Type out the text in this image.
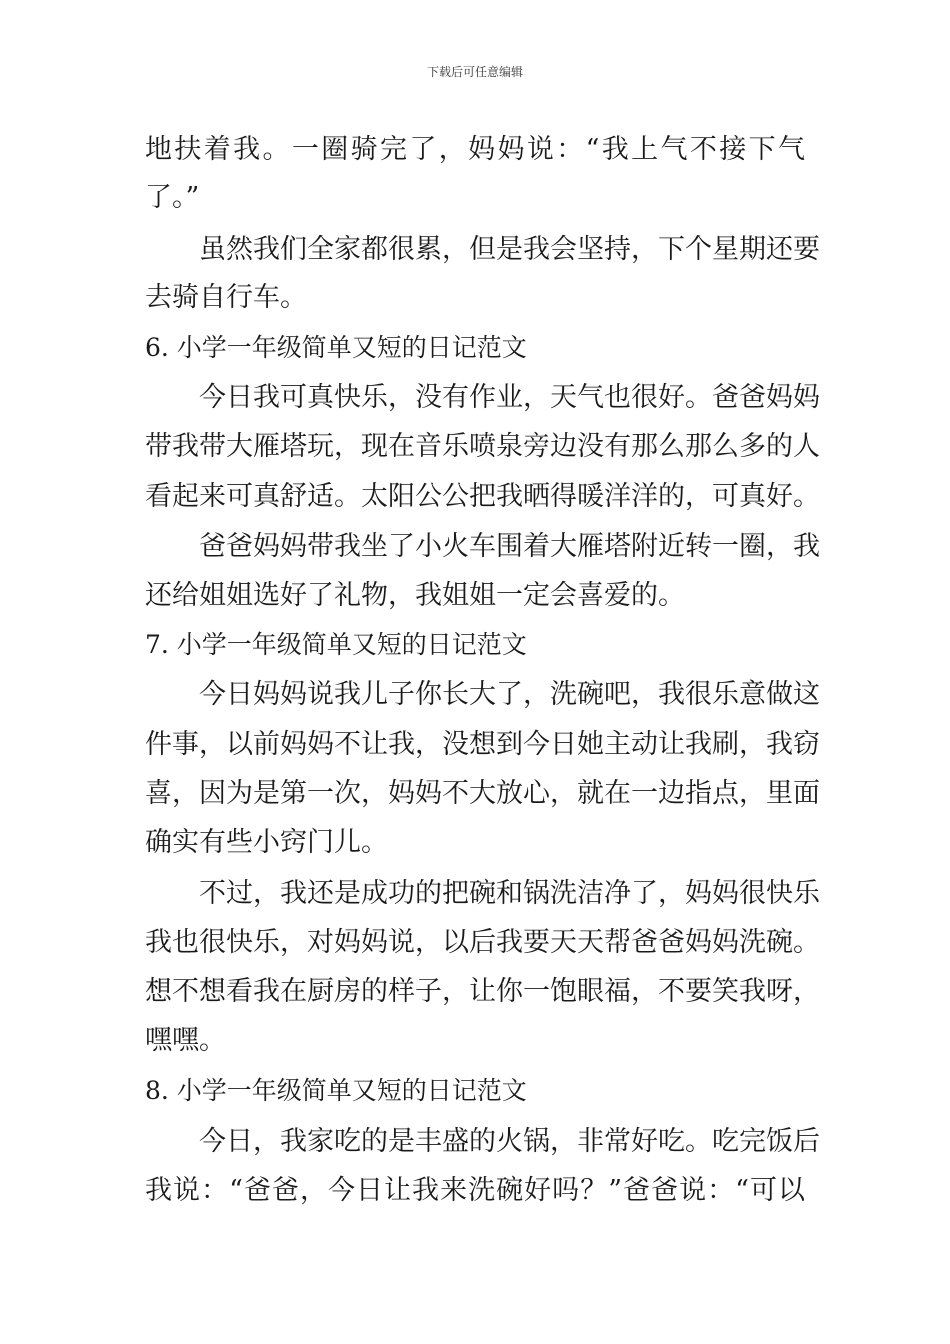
下载后可任意编辑
地扶着我。一圈骑完了，妈妈说：“我上气不接下气
了。”
虽然我们全家都很累，但是我会坚持，下个星期还要
去骑自行车。
6. 小学一年级简单又短的日记范文
今日我可真快乐，没有作业，天气也很好。爸爸妈妈
带我带大雁塔玩，现在音乐喷泉旁边没有那么那么多的人
看起来可真舒适。太阳公公把我晒得暖洋洋的，可真好。
爸爸妈妈带我坐了小火车围着大雁塔附近转一圈，我
还给姐姐选好了礼物，我姐姐一定会喜爱的。
7. 小学一年级简单又短的日记范文
今日妈妈说我儿子你长大了，洗碗吧，我很乐意做这
件事，以前妈妈不让我，没想到今日她主动让我刷，我窃
喜，因为是第一次，妈妈不大放心，就在一边指点，里面
确实有些小窍门儿。
不过，我还是成功的把碗和锅洗洁净了，妈妈很快乐
我也很快乐，对妈妈说，以后我要天天帮爸爸妈妈洗碗。
想不想看我在厨房的样子，让你一饱眼福，不要笑我呀，
嘿嘿。
8. 小学一年级简单又短的日记范文
今日，我家吃的是丰盛的火锅，非常好吃。吃完饭后
我说：“爸爸，今日让我来洗碗好吗？”爸爸说：“可以
